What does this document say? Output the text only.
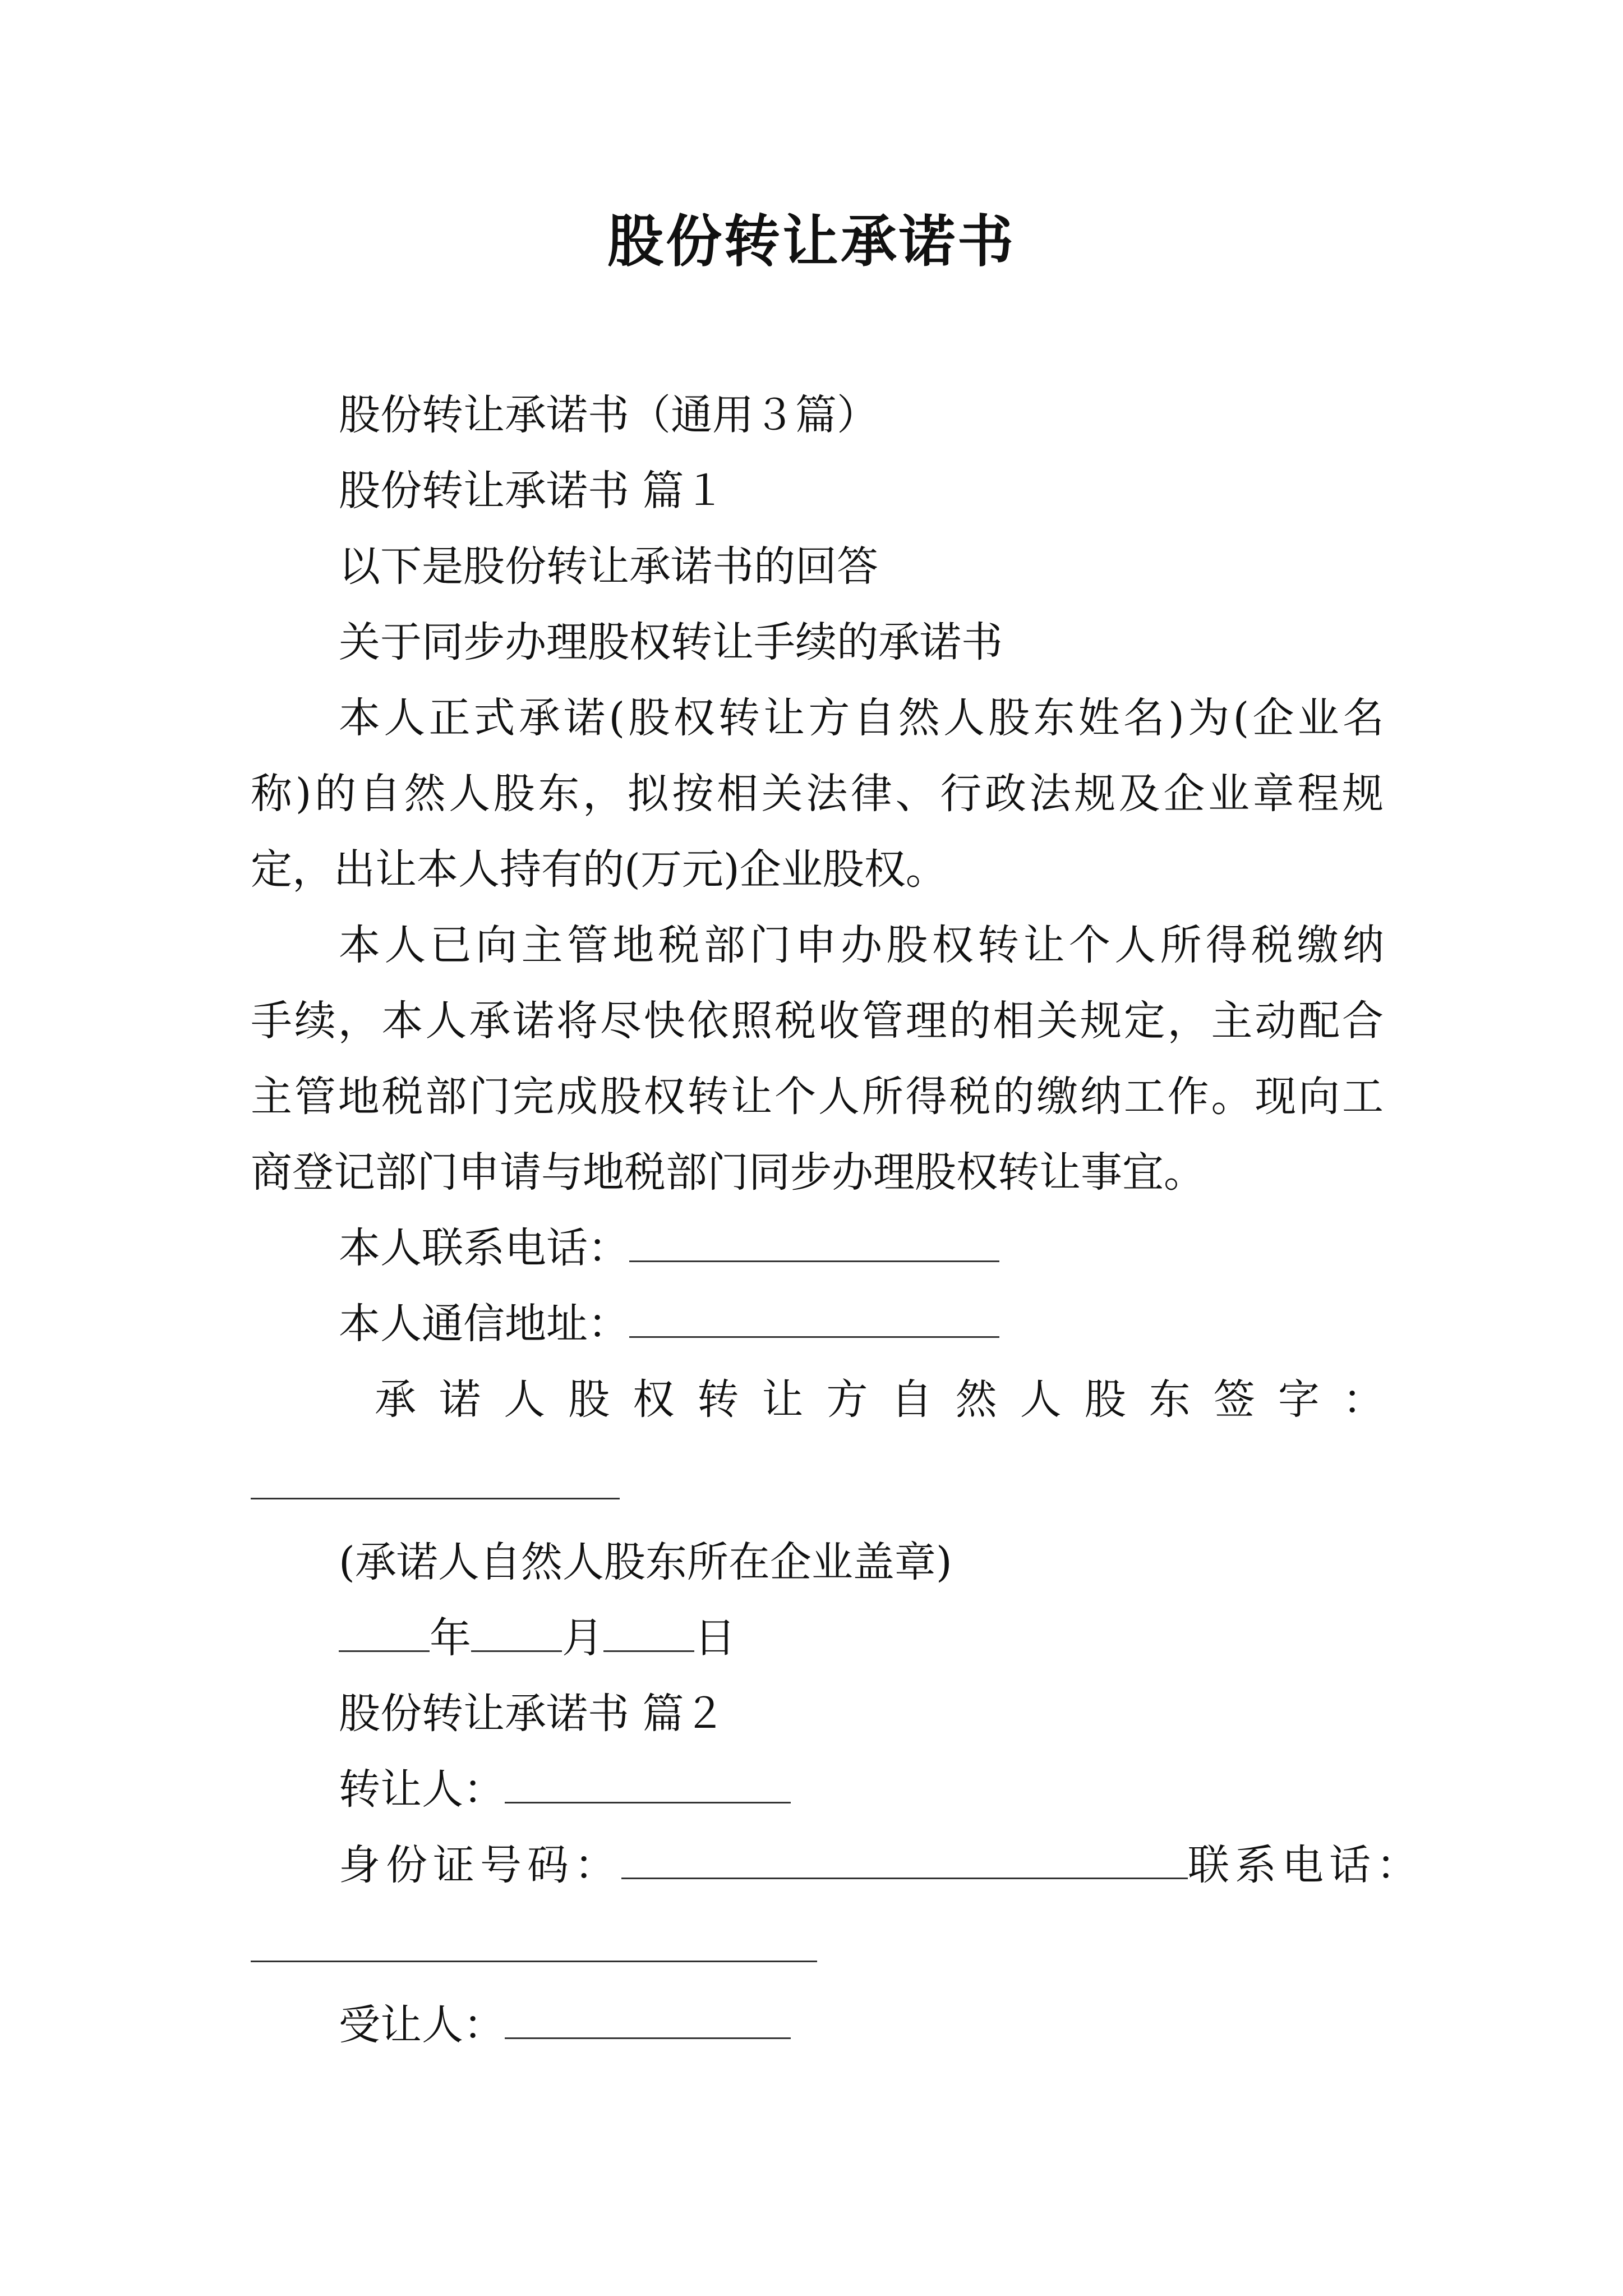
股份转让承诺书
股份转让承诺书（通用３篇）
股份转让承诺书 篇１
以下是股份转让承诺书的回答
关于同步办理股权转让手续的承诺书
本人正式承诺(股权转让方自然人股东姓名)为(企业名
称)的自然人股东，拟按相关法律、行政法规及企业章程规
定，出让本人持有的(万元)企业股权。
本人已向主管地税部门申办股权转让个人所得税缴纳
手续，本人承诺将尽快依照税收管理的相关规定，主动配合
主管地税部门完成股权转让个人所得税的缴纳工作。现向工
商登记部门申请与地税部门同步办理股权转让事宜。
本人联系电话：
本人通信地址：
承诺人股权转让方自然人股东签字：
(承诺人自然人股东所在企业盖章)
年 月 日
股份转让承诺书 篇２
转让人：
身份证号码：	联系电话：
受让人：
